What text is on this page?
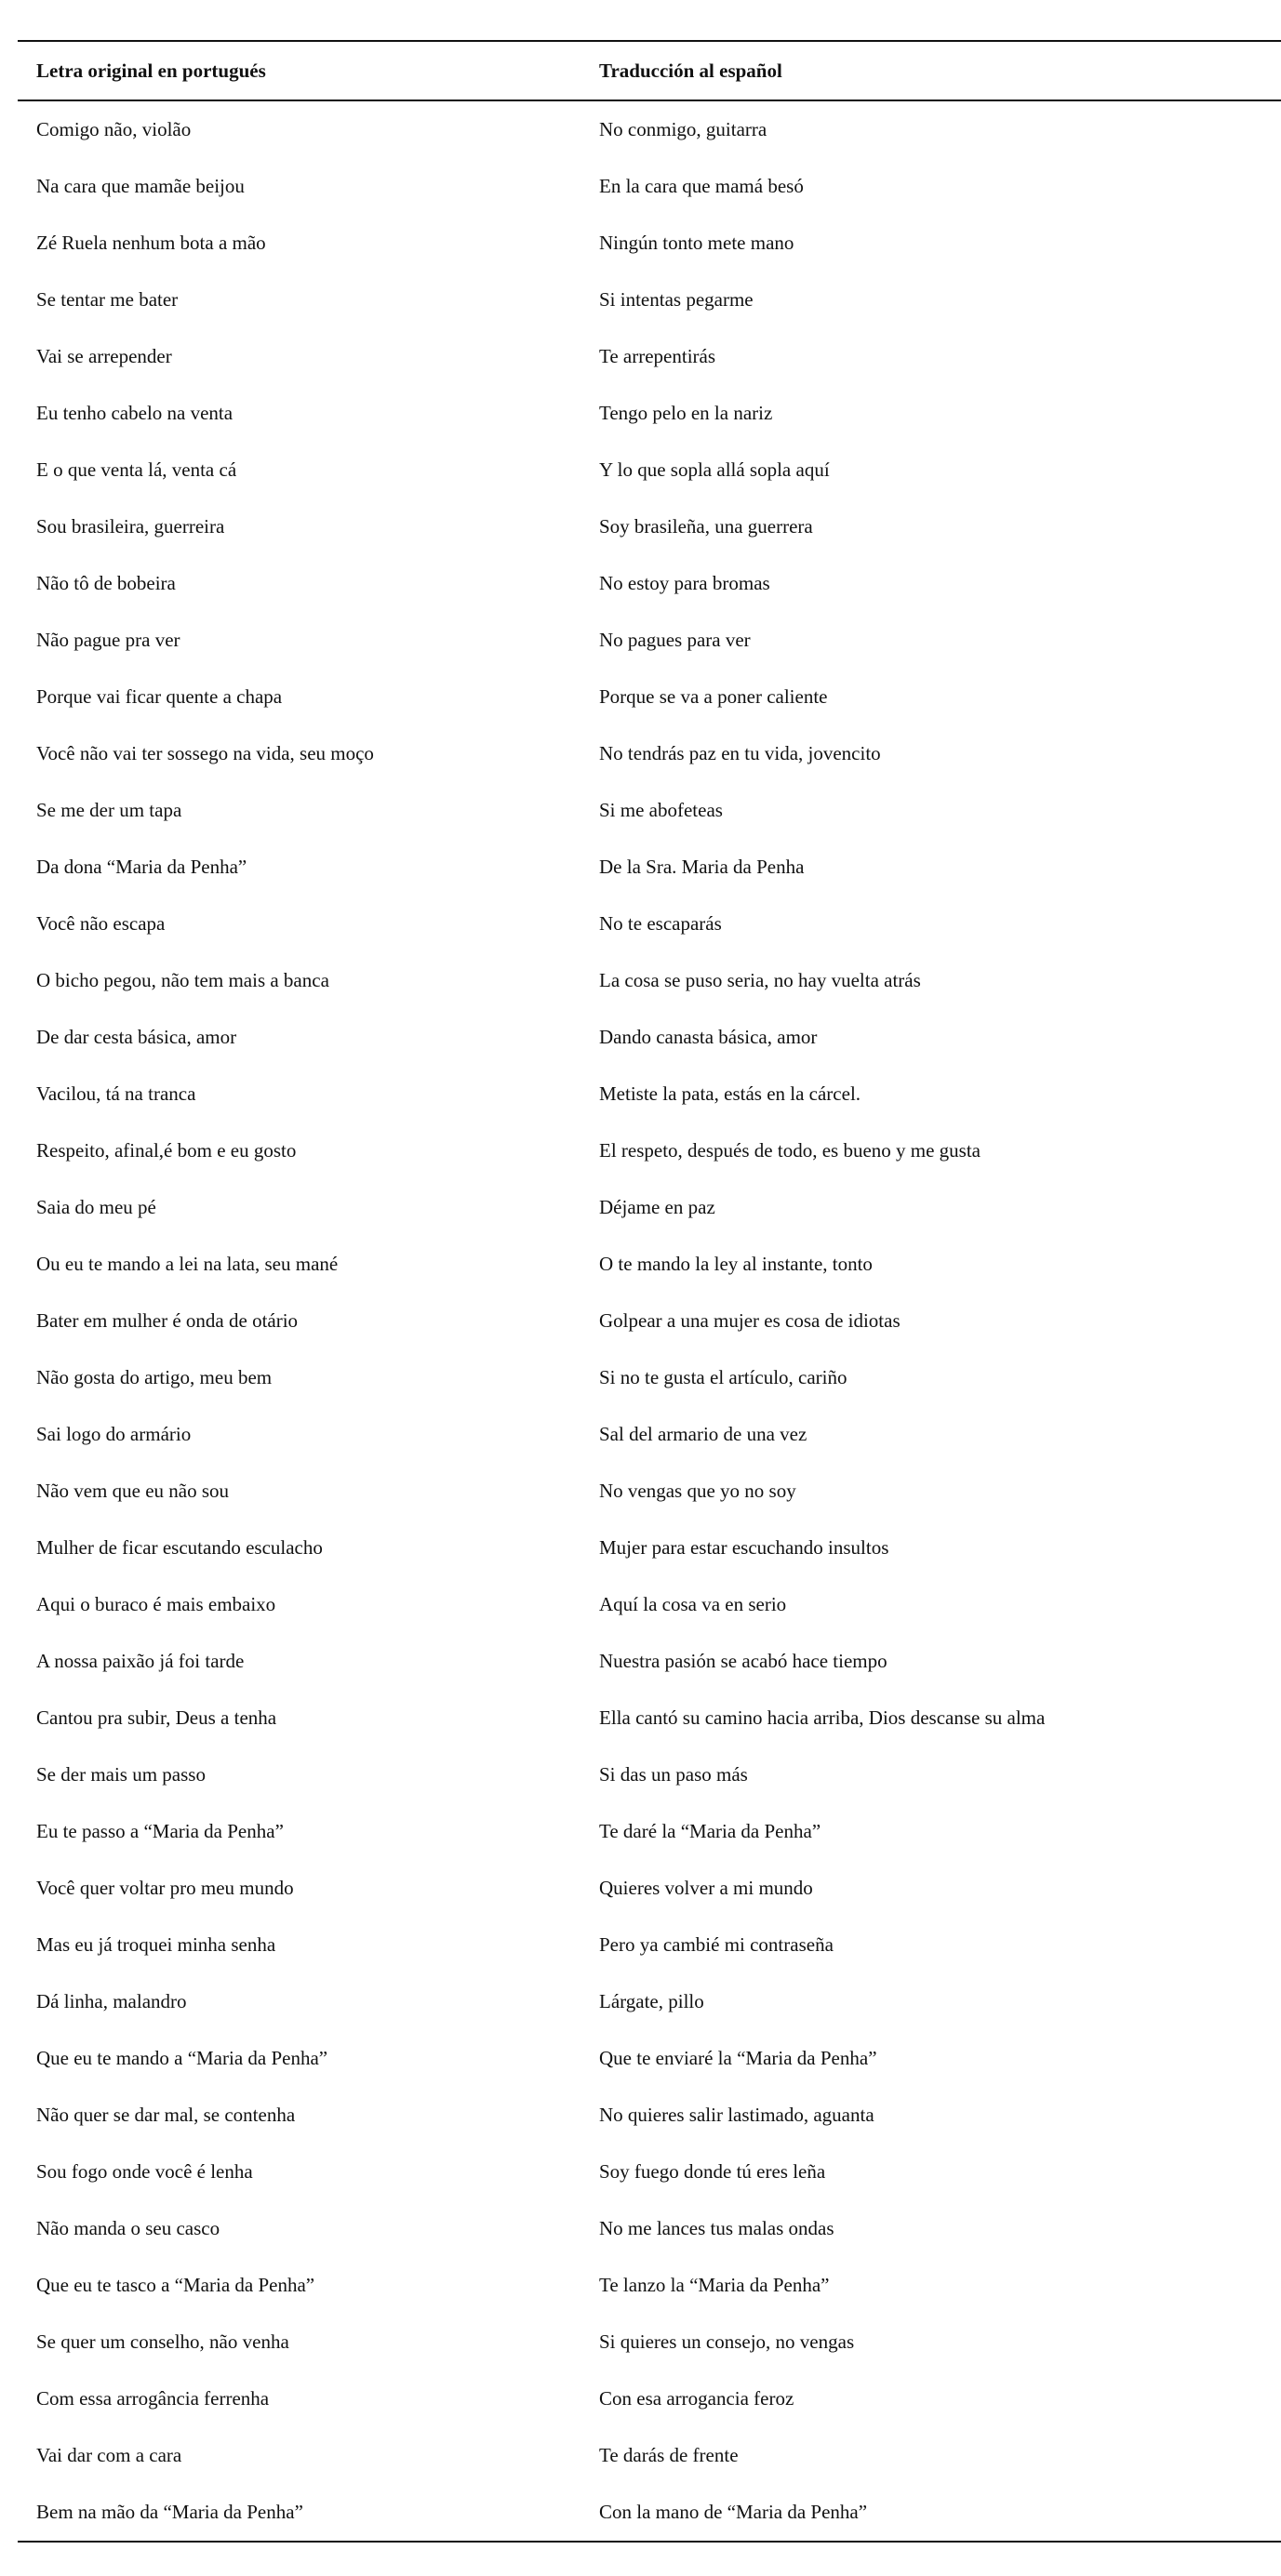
Letra original en portugués	Traducción al español
Comigo não, violão	No conmigo, guitarra
Na cara que mamãe beijou	En la cara que mamá besó
Zé Ruela nenhum bota a mão	Ningún tonto mete mano
Se tentar me bater	Si intentas pegarme
Vai se arrepender	Te arrepentirás
Eu tenho cabelo na venta	Tengo pelo en la nariz
E o que venta lá, venta cá	Y lo que sopla allá sopla aquí
Sou brasileira, guerreira	Soy brasileña, una guerrera
Não tô de bobeira	No estoy para bromas
Não pague pra ver	No pagues para ver
Porque vai ficar quente a chapa	Porque se va a poner caliente
Você não vai ter sossego na vida, seu moço	No tendrás paz en tu vida, jovencito
Se me der um tapa	Si me abofeteas
Da dona “Maria da Penha”	De la Sra. Maria da Penha
Você não escapa	No te escaparás
O bicho pegou, não tem mais a banca	La cosa se puso seria, no hay vuelta atrás
De dar cesta básica, amor	Dando canasta básica, amor
Vacilou, tá na tranca	Metiste la pata, estás en la cárcel.
Respeito, afinal,é bom e eu gosto	El respeto, después de todo, es bueno y me gusta
Saia do meu pé	Déjame en paz
Ou eu te mando a lei na lata, seu mané	O te mando la ley al instante, tonto
Bater em mulher é onda de otário	Golpear a una mujer es cosa de idiotas
Não gosta do artigo, meu bem	Si no te gusta el artículo, cariño
Sai logo do armário	Sal del armario de una vez
Não vem que eu não sou	No vengas que yo no soy
Mulher de ficar escutando esculacho	Mujer para estar escuchando insultos
Aqui o buraco é mais embaixo	Aquí la cosa va en serio
A nossa paixão já foi tarde	Nuestra pasión se acabó hace tiempo
Cantou pra subir, Deus a tenha	Ella cantó su camino hacia arriba, Dios descanse su alma
Se der mais um passo	Si das un paso más
Eu te passo a “Maria da Penha”	Te daré la “Maria da Penha”
Você quer voltar pro meu mundo	Quieres volver a mi mundo
Mas eu já troquei minha senha	Pero ya cambié mi contraseña
Dá linha, malandro	Lárgate, pillo
Que eu te mando a “Maria da Penha”	Que te enviaré la “Maria da Penha”
Não quer se dar mal, se contenha	No quieres salir lastimado, aguanta
Sou fogo onde você é lenha	Soy fuego donde tú eres leña
Não manda o seu casco	No me lances tus malas ondas
Que eu te tasco a “Maria da Penha”	Te lanzo la “Maria da Penha”
Se quer um conselho, não venha	Si quieres un consejo, no vengas
Com essa arrogância ferrenha	Con esa arrogancia feroz
Vai dar com a cara	Te darás de frente
Bem na mão da “Maria da Penha”	Con la mano de “Maria da Penha”
